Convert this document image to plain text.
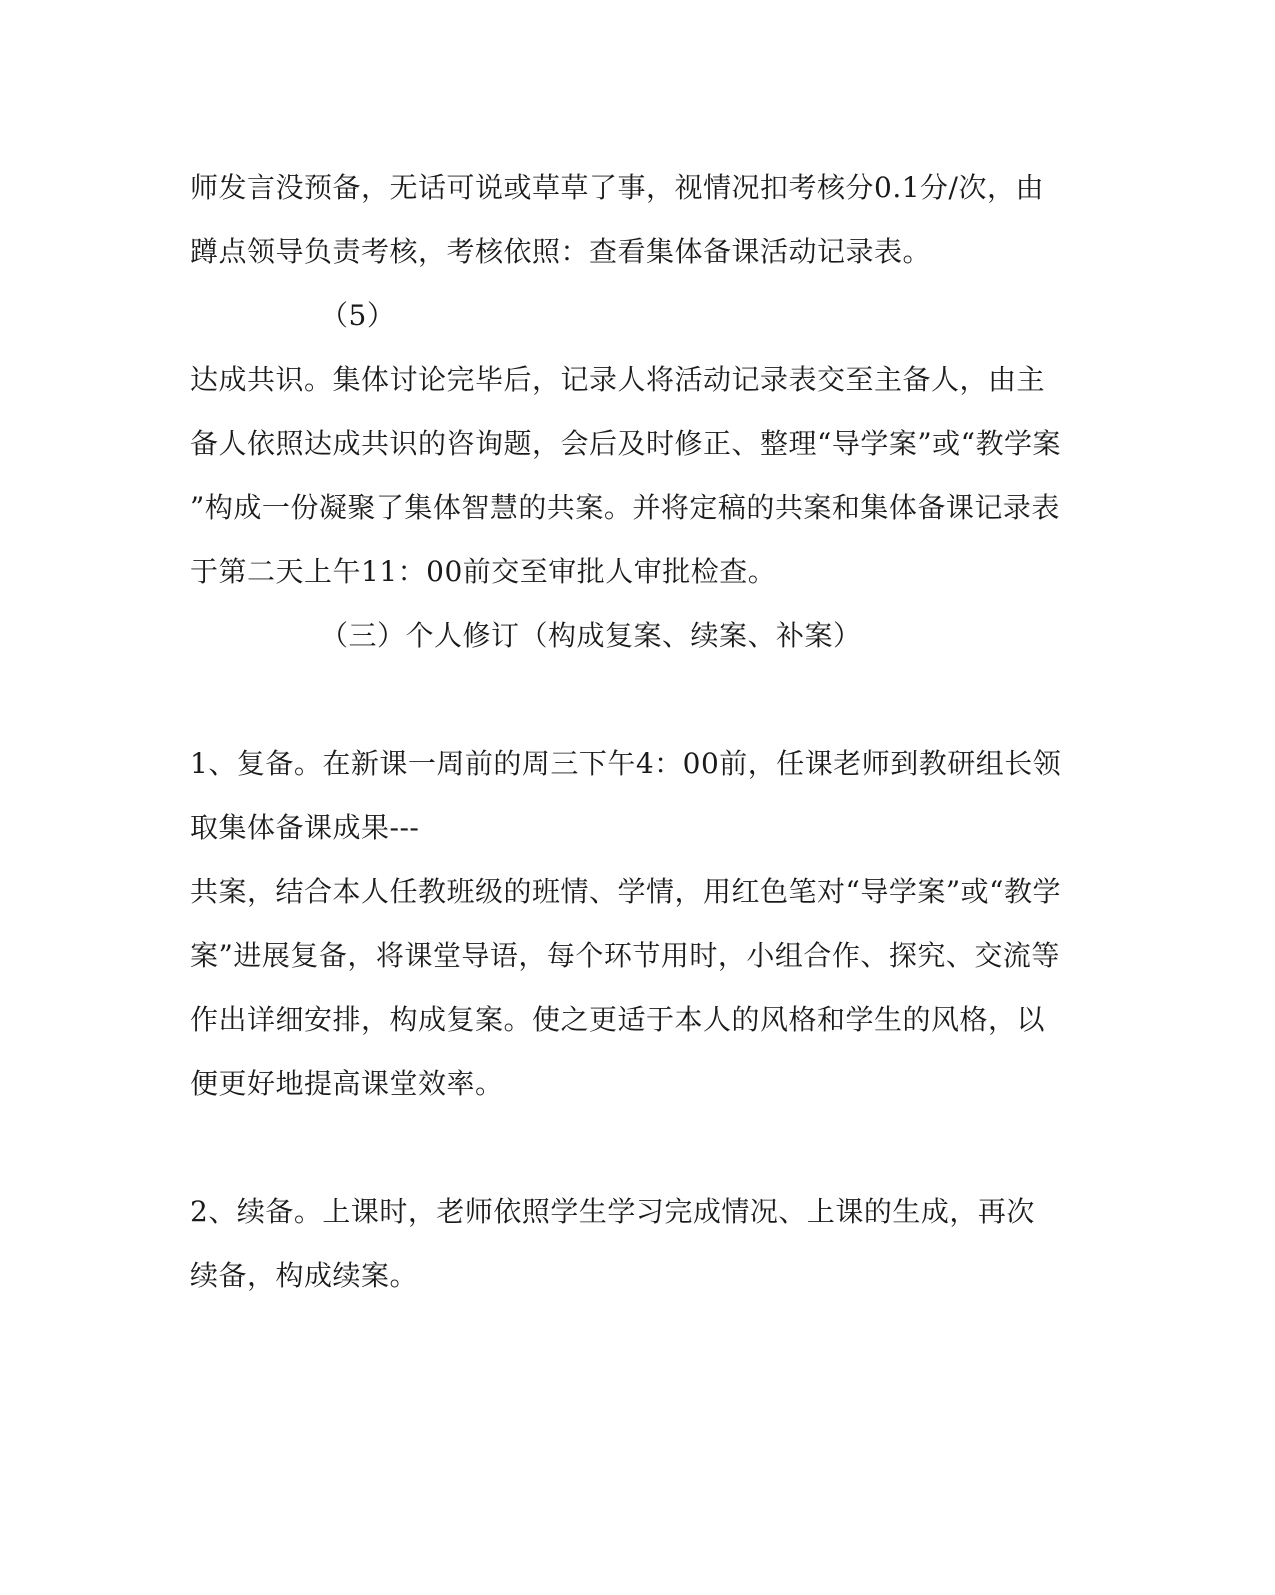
师发言没预备，无话可说或草草了事，视情况扣考核分0.1分/次，由
蹲点领导负责考核，考核依照：查看集体备课活动记录表。
（5）
达成共识。集体讨论完毕后，记录人将活动记录表交至主备人，由主
备人依照达成共识的咨询题，会后及时修正、整理“导学案”或“教学案
”构成一份凝聚了集体智慧的共案。并将定稿的共案和集体备课记录表
于第二天上午11：00前交至审批人审批检查。
（三）个人修订（构成复案、续案、补案）
1、复备。在新课一周前的周三下午4：00前，任课老师到教研组长领
取集体备课成果---
共案，结合本人任教班级的班情、学情，用红色笔对“导学案”或“教学
案”进展复备，将课堂导语，每个环节用时，小组合作、探究、交流等
作出详细安排，构成复案。使之更适于本人的风格和学生的风格，以
便更好地提高课堂效率。
2、续备。上课时，老师依照学生学习完成情况、上课的生成，再次
续备，构成续案。
